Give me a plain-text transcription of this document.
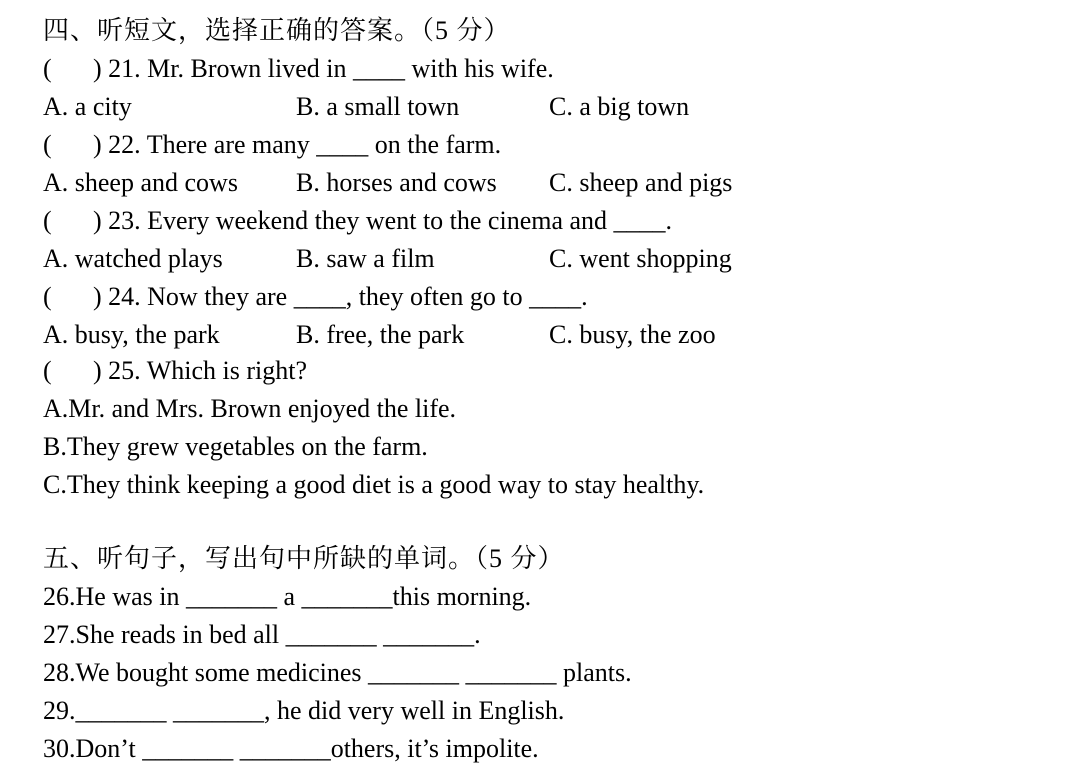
四、听短文，选择正确的答案。（5 分）
( ) 21. Mr. Brown lived in ____ with his wife.

A. a city

	B. a small town

	C. a big town

( ) 22. There are many ____ on the farm.

A. sheep and cows

B. horses and cows

C. sheep and pigs

( ) 23. Every weekend they went to the cinema and ____.

A. watched plays

	B. saw a film

	C. went shopping

( ) 24. Now they are ____, they often go to ____.

A. busy, the park

	B. free, the park

	C. busy, the zoo

( ) 25. Which is right?
A.Mr. and Mrs. Brown enjoyed the life.
B.They grew vegetables on the farm.
C.They think keeping a good diet is a good way to stay healthy.
五、听句子，写出句中所缺的单词。（5 分）
26.He was in _______ a _______this morning.
27.She reads in bed all _______ _______.
28.We bought some medicines _______ _______ plants.
29._______ _______, he did very well in English.
30.Don’t _______ _______others, it’s impolite.
